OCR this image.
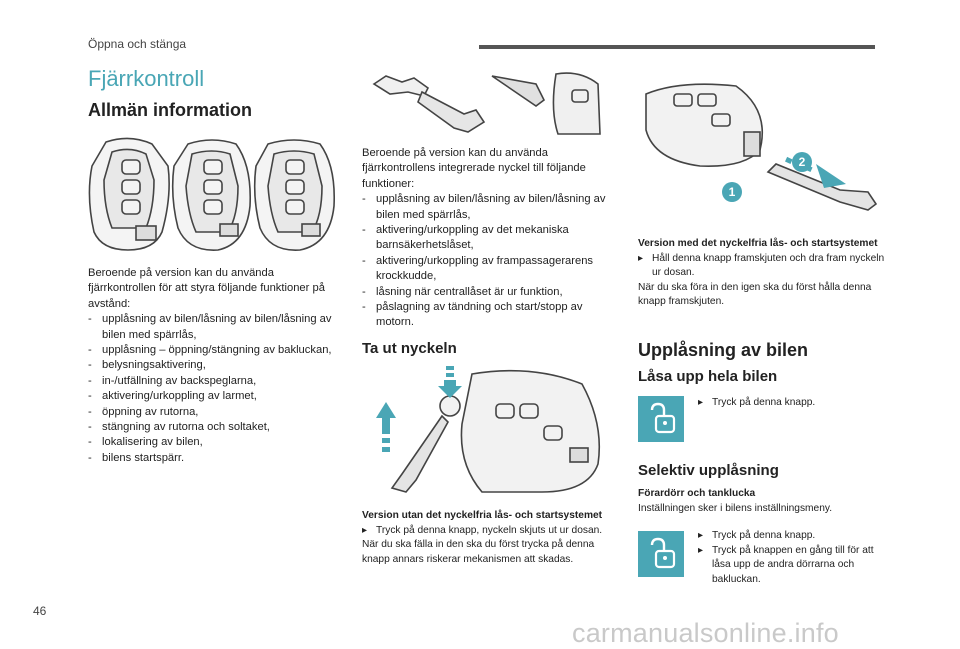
Öppna och stänga
Fjärrkontroll
Allmän information

Beroende på version kan du använda fjärrkontrollen för att styra följande funktioner på avstånd:

- upplåsning av bilen/låsning av bilen/låsning av bilen med spärrlås,
- upplåsning – öppning/stängning av bakluckan,
- belysningsaktivering,
- in-/utfällning av backspeglarna,
- aktivering/urkoppling av larmet,
- öppning av rutorna,
- stängning av rutorna och soltaket,
- lokalisering av bilen,
- bilens startspärr.

Beroende på version kan du använda fjärrkontrollens integrerade nyckel till följande funktioner:

- upplåsning av bilen/låsning av bilen/låsning av bilen med spärrlås,
- aktivering/urkoppling av det mekaniska barnsäkerhetslåset,
- aktivering/urkoppling av frampassagerarens krockkudde,
- låsning när centrallåset är ur funktion,
- påslagning av tändning och start/stopp av motorn.
Ta ut nyckeln

Version utan det nyckelfria lås- och startsystemet

▸ Tryck på denna knapp, nyckeln skjuts ut ur dosan.

När du ska fälla in den ska du först trycka på denna knapp annars riskerar mekanismen att skadas.

1
2

Version med det nyckelfria lås- och startsystemet

▸ Håll denna knapp framskjuten och dra fram nyckeln ur dosan.

När du ska föra in den igen ska du först hålla denna knapp framskjuten.

Upplåsning av bilen
Låsa upp hela bilen
▸ Tryck på denna knapp.
Selektiv upplåsning

Förardörr och tanklucka

Inställningen sker i bilens inställningsmeny.

▸ Tryck på denna knapp.
▸ Tryck på knappen en gång till för att låsa upp de andra dörrarna och bakluckan.
46
carmanualsonline.info
